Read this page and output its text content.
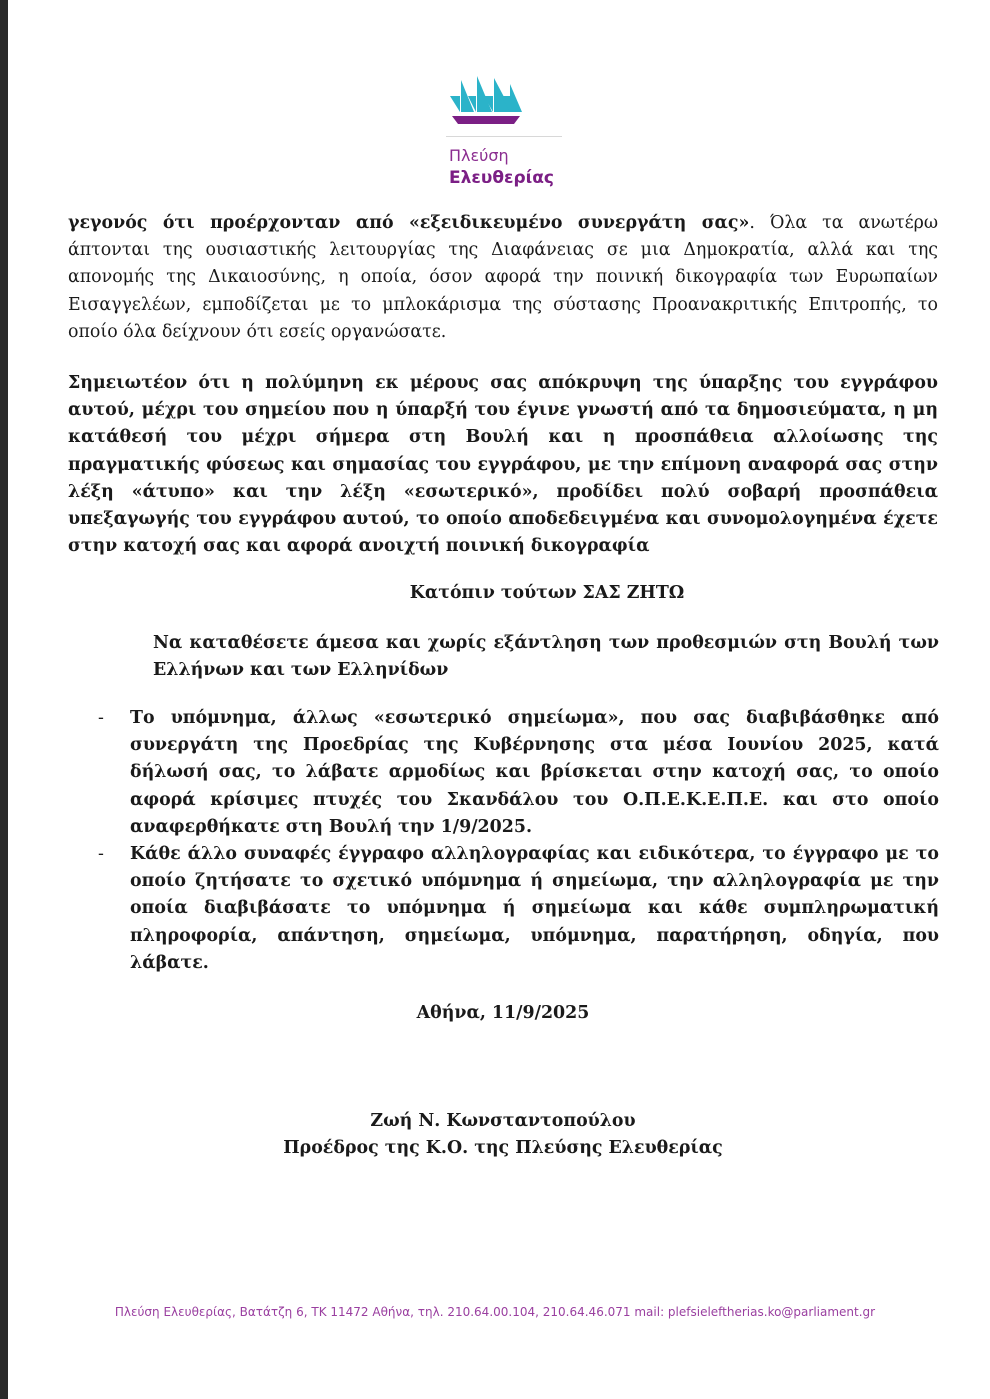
Πλεύση
Ελευθερίας
γεγονός ότι προέρχονταν από «εξειδικευμένο συνεργάτη σας». Όλα τα ανωτέρω άπτονται της ουσιαστικής λειτουργίας της Διαφάνειας σε μια Δημοκρατία, αλλά και της απονομής της Δικαιοσύνης, η οποία, όσον αφορά την ποινική δικογραφία των Ευρωπαίων Εισαγγελέων, εμποδίζεται με το μπλοκάρισμα της σύστασης Προανακριτικής Επιτροπής, το οποίο όλα δείχνουν ότι εσείς οργανώσατε.
Σημειωτέον ότι η πολύμηνη εκ μέρους σας απόκρυψη της ύπαρξης του εγγράφου αυτού, μέχρι του σημείου που η ύπαρξή του έγινε γνωστή από τα δημοσιεύματα, η μη κατάθεσή του μέχρι σήμερα στη Βουλή και η προσπάθεια αλλοίωσης της πραγματικής φύσεως και σημασίας του εγγράφου, με την επίμονη αναφορά σας στην λέξη «άτυπο» και την λέξη «εσωτερικό», προδίδει πολύ σοβαρή προσπάθεια υπεξαγωγής του εγγράφου αυτού, το οποίο αποδεδειγμένα και συνομολογημένα έχετε στην κατοχή σας και αφορά ανοιχτή ποινική δικογραφία
Κατόπιν τούτων ΣΑΣ ΖΗΤΩ
Να καταθέσετε άμεσα και χωρίς εξάντληση των προθεσμιών στη Βουλή των Ελλήνων και των Ελληνίδων
- Το υπόμνημα, άλλως «εσωτερικό σημείωμα», που σας διαβιβάσθηκε από συνεργάτη της Προεδρίας της Κυβέρνησης στα μέσα Ιουνίου 2025, κατά δήλωσή σας, το λάβατε αρμοδίως και βρίσκεται στην κατοχή σας, το οποίο αφορά κρίσιμες πτυχές του Σκανδάλου του Ο.Π.Ε.Κ.Ε.Π.Ε. και στο οποίο αναφερθήκατε στη Βουλή την 1/9/2025.
- Κάθε άλλο συναφές έγγραφο αλληλογραφίας και ειδικότερα, το έγγραφο με το οποίο ζητήσατε το σχετικό υπόμνημα ή σημείωμα, την αλληλογραφία με την οποία διαβιβάσατε το υπόμνημα ή σημείωμα και κάθε συμπληρωματική πληροφορία, απάντηση, σημείωμα, υπόμνημα, παρατήρηση, οδηγία, που λάβατε.
Αθήνα, 11/9/2025
Ζωή Ν. Κωνσταντοπούλου
Προέδρος της Κ.Ο. της Πλεύσης Ελευθερίας
Πλεύση Ελευθερίας, Βατάτζη 6, ΤΚ 11472 Αθήνα, τηλ. 210.64.00.104, 210.64.46.071 mail: plefsieleftherias.ko@parliament.gr
